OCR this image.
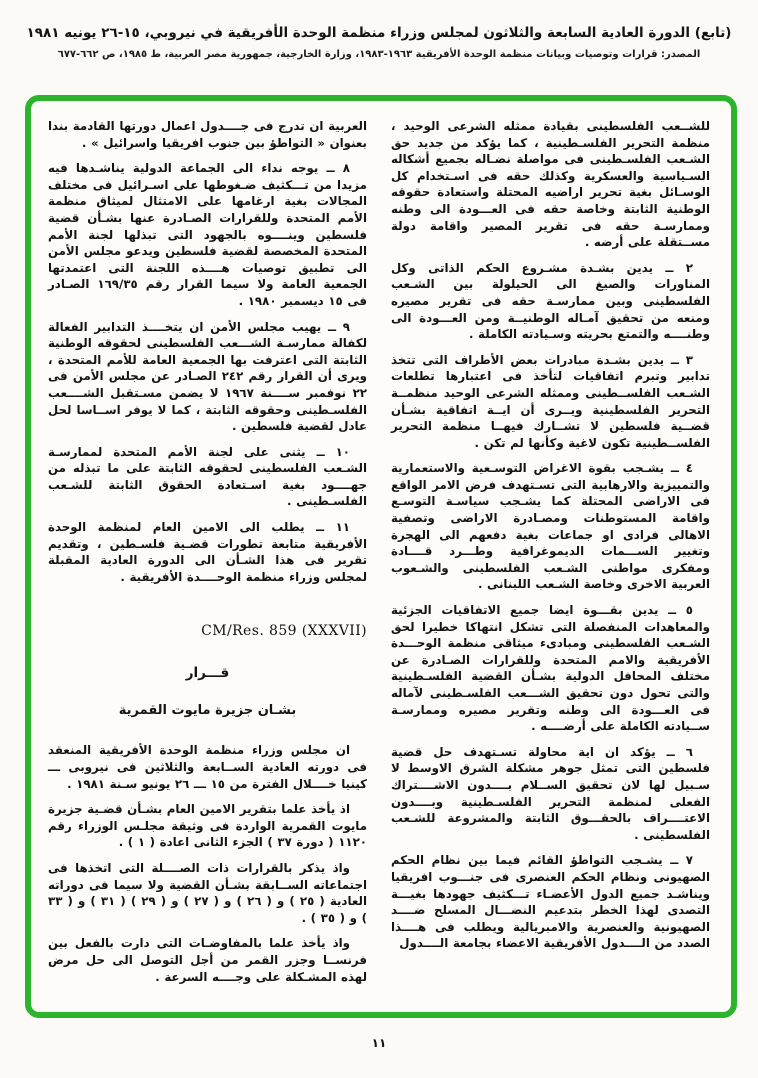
(تابع) الدورة العادية السابعة والثلاثون لمجلس وزراء منظمة الوحدة الأفريقية في نيروبي، ١٥-٢٦ يونيه ١٩٨١
المصدر: قرارات وتوصيات وبيانات منظمة الوحدة الأفريقية ١٩٦٣-١٩٨٣، وزارة الخارجية، جمهورية مصر العربية، ط ١٩٨٥، ص ٦٦٢-٦٧٧

للشــعب الفلسطينى بقيادة ممثله الشرعى الوحيد ، منظمة التحرير الفلسـطينية ، كما يؤكد من جديد حق الشـعب الفلسـطينى فى مواصلة نضـاله بجميع أشكاله السـياسية والعسكرية وكذلك حقه فى اسـتخدام كل الوسـائل بغية تحرير اراضيه المحتلة واستعادة حقوقه الوطنية الثابتة وخاصة حقه فى العـــودة الى وطنه وممارسـة حقه فى تقرير المصير واقامة دولة مســتقلة على أرضه .

٢ ــ يدين بشـدة مشـروع الحكم الذاتى وكل المناورات والصيغ الى الحيلولة بين الشـعب الفلسطينى وبين ممارسـة حقه فى تقرير مصيره ومنعه من تحقيق آمـاله الوطنيــة ومن العـــودة الى وطنــــه والتمتع بحريته وسـيادته الكاملة .

٣ ــ يدين بشـدة مبادرات بعض الأطراف التى تتخذ تدابير وتبرم اتفاقيات لتأخذ فى اعتبارها تطلعات الشـعب الفلســطينى وممثله الشرعى الوحيد منظمــة التحرير الفلسطينية ويــرى أن ايــة اتفاقية بشـأن قضــية فلسطين لا تشــارك فيهــا منظمة التحرير الفلســطينية تكون لاغية وكأنها لم تكن .

٤ ــ يشـجب بقوة الاغراض التوسـعية والاستعمارية والتمييزية والارهابية التى تسـتهدف فرض الامر الواقع فى الاراضى المحتلة كما يشـجب سياسـة التوسـع واقامة المستوطنات ومصـادرة الاراضى وتصفية الاهالى فرادى او جماعات بغية دفعهم الى الهجرة وتغيير الســـمات الديموغرافية وطـــرد قــــادة ومفكرى مواطنى الشـعب الفلسطينى والشـعوب العربية الاخرى وخاصة الشـعب اللبنانى .

٥ ــ يدين بقـــوة ايضا جميع الاتفاقيات الجزئية والمعاهدات المنفصلة التى تشكل انتهاكا خطيرا لحق الشـعب الفلسطينى ومبادىء ميثاقى منظمة الوحـــدة الأفريقية والامم المتحدة وللقرارات الصـادرة عن مختلف المحافل الدولية بشـأن القضية الفلسـطينية والتى تحول دون تحقيق الشـــعب الفلسـطينى لآماله فى العـــودة الى وطنه وتقرير مصيره وممارسـة ســيادته الكاملة على أرضــــه .

٦ ــ يؤكد ان اية محاولة تسـتهدف حل قضية فلسطين التى تمثل جوهر مشكلة الشرق الاوسط لا سـبيل لها لان تحقيق الســلام بــــدون الاشــــتراك الفعلى لمنظمة التحرير الفلسـطينية وبــــدون الاعتــــراف بالحقـــوق الثابتة والمشروعة للشـعب الفلسطينى .

٧ ــ يشـجب التواطؤ القائم فيما بين نظام الحكم الصهيونى ونظام الحكم العنصرى فى جنـــوب افريقيا ويناشـد جميع الدول الأعضـاء تـــكثيف جهودها بغيـــة التصدى لهذا الخطر بتدعيم النضـــال المسلح ضــــد الصهيونية والعنصرية والامبريالية ويطلب فى هــــذا الصدد من الــــدول الأفريقية الاعضاء بجامعة الــــدول

العربية ان تدرج فى جــــدول اعمال دورتها القادمة بندا بعنوان « التواطؤ بين جنوب افريقيا واسرائيل » .

٨ ــ يوجه نداء الى الجماعة الدولية يناشـدها فيه مزيدا من تـــكثيف ضـغوطها على اسـرائيل فى مختلف المجالات بغية ارغامها على الامتثال لميثاق منظمة الأمم المتحدة وللقرارات الصـادرة عنها بشـأن قضية فلسطين وينــــوه بالجهود التى تبذلها لجنة الأمم المتحدة المخصصة لقضية فلسطين ويدعو مجلس الأمن الى تطبيق توصيات هــــذه اللجنة التى اعتمدتها الجمعية العامة ولا سيما القرار رقم ١٦٩/٣٥ الصـادر فى ١٥ ديسمبر ١٩٨٠ .

٩ ــ يهيب مجلس الأمن ان يتخــــذ التدابير الفعالة لكفالة ممارسـة الشـــعب الفلسطينى لحقوقه الوطنية الثابتة التى اعترفت بها الجمعية العامة للأمم المتحدة ، ويرى أن القرار رقم ٢٤٢ الصـادر عن مجلس الأمن فى ٢٢ نوفمبر ســــنة ١٩٦٧ لا يضمن مسـتقبل الشــــعب الفلسـطينى وحقوقه الثابتة ، كما لا يوفر اســاسا لحل عادل لقضية فلسطين .

١٠ ــ يثنى على لجنة الأمم المتحدة لممارسـة الشـعب الفلسطينى لحقوقه الثابتة على ما تبذله من جهــــود بغية اسـتعادة الحقوق الثابتة للشـعب الفلسـطينى .

١١ ــ يطلب الى الامين العام لمنظمة الوحدة الأفريقية متابعة تطورات قضـية فلسـطين ، وتقديم تقرير فى هذا الشـأن الى الدورة العادية المقبلة لمجلس وزراء منظمة الوحــــدة الأفريقية .

CM/Res. 859 (XXXVII)
قـــرار
بشـان جزيرة مايوت القمرية

ان مجلس وزراء منظمة الوحدة الأفريقية المنعقد فى دورته العادية الســابعة والثلاثين فى نيروبى ـــ كينيا خــــلال الفترة من ١٥ ـــ ٢٦ يونيو سـنة ١٩٨١ .

اذ يأخذ علما بتقرير الامين العام بشـأن قضـية جزيرة مايوت القمرية الواردة فى وثيقة مجلـس الوزراء رقم ١١٢٠ ( دورة ٣٧ ) الجزء الثانى اعادة ( ١ ) .

واذ يذكر بالقرارات ذات الصــــلة التى اتخذها فى اجتماعاته الســابقة بشـأن القضية ولا سيما فى دوراته العادية ( ٢٥ ) و ( ٢٦ ) و ( ٢٧ ) و ( ٢٩ ) ( ٣١ ) و ( ٣٣ ) و ( ٣٥ ) .

واذ يأخذ علما بالمفاوضـات التى دارت بالفعل بين فرنســا وجزر القمر من أجل التوصل الى حل مرض لهذه المشـكلة على وجــــه السرعة .

١١
